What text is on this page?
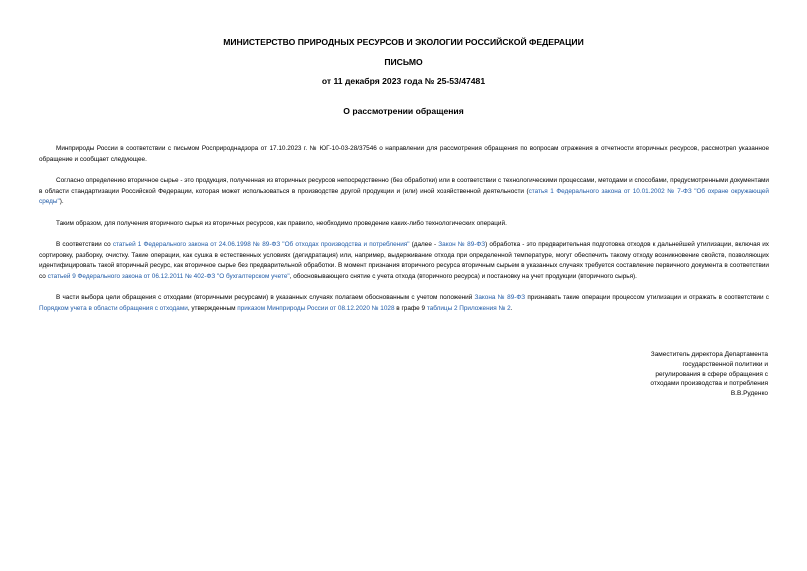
МИНИСТЕРСТВО ПРИРОДНЫХ РЕСУРСОВ И ЭКОЛОГИИ РОССИЙСКОЙ ФЕДЕРАЦИИ
ПИСЬМО
от 11 декабря 2023 года № 25-53/47481
О рассмотрении обращения

Минприроды России в соответствии с письмом Росприроднадзора от 17.10.2023 г. № ЮГ-10-03-28/37546 о направлении для рассмотрения обращения по вопросам отражения в отчетности вторичных ресурсов, рассмотрел указанное обращение и сообщает следующее.

Согласно определению вторичное сырье - это продукция, полученная из вторичных ресурсов непосредственно (без обработки) или в соответствии с технологическими процессами, методами и способами, предусмотренными документами в области стандартизации Российской Федерации, которая может использоваться в производстве другой продукции и (или) иной хозяйственной деятельности (статья 1 Федерального закона от 10.01.2002 № 7-ФЗ "Об охране окружающей среды").

Таким образом, для получения вторичного сырья из вторичных ресурсов, как правило, необходимо проведение каких-либо технологических операций.

В соответствии со статьей 1 Федерального закона от 24.06.1998 № 89-ФЗ "Об отходах производства и потребления" (далее - Закон № 89-ФЗ) обработка - это предварительная подготовка отходов к дальнейшей утилизации, включая их сортировку, разборку, очистку. Такие операции, как сушка в естественных условиях (дегидратация) или, например, выдерживание отхода при определенной температуре, могут обеспечить такому отходу возникновение свойств, позволяющих идентифицировать такой вторичный ресурс, как вторичное сырье без предварительной обработки. В момент признания вторичного ресурса вторичным сырьем в указанных случаях требуется составление первичного документа в соответствии со статьей 9 Федерального закона от 06.12.2011 № 402-ФЗ "О бухгалтерском учете", обосновывающего снятие с учета отхода (вторичного ресурса) и постановку на учет продукции (вторичного сырья).

В части выбора цели обращения с отходами (вторичными ресурсами) в указанных случаях полагаем обоснованным с учетом положений Закона № 89-ФЗ признавать такие операции процессом утилизации и отражать в соответствии с Порядком учета в области обращения с отходами, утвержденным приказом Минприроды России от 08.12.2020 № 1028 в графе 9 таблицы 2 Приложения № 2.

Заместитель директора Департамента
государственной политики и
регулирования в сфере обращения с
отходами производства и потребления
В.В.Руденко
